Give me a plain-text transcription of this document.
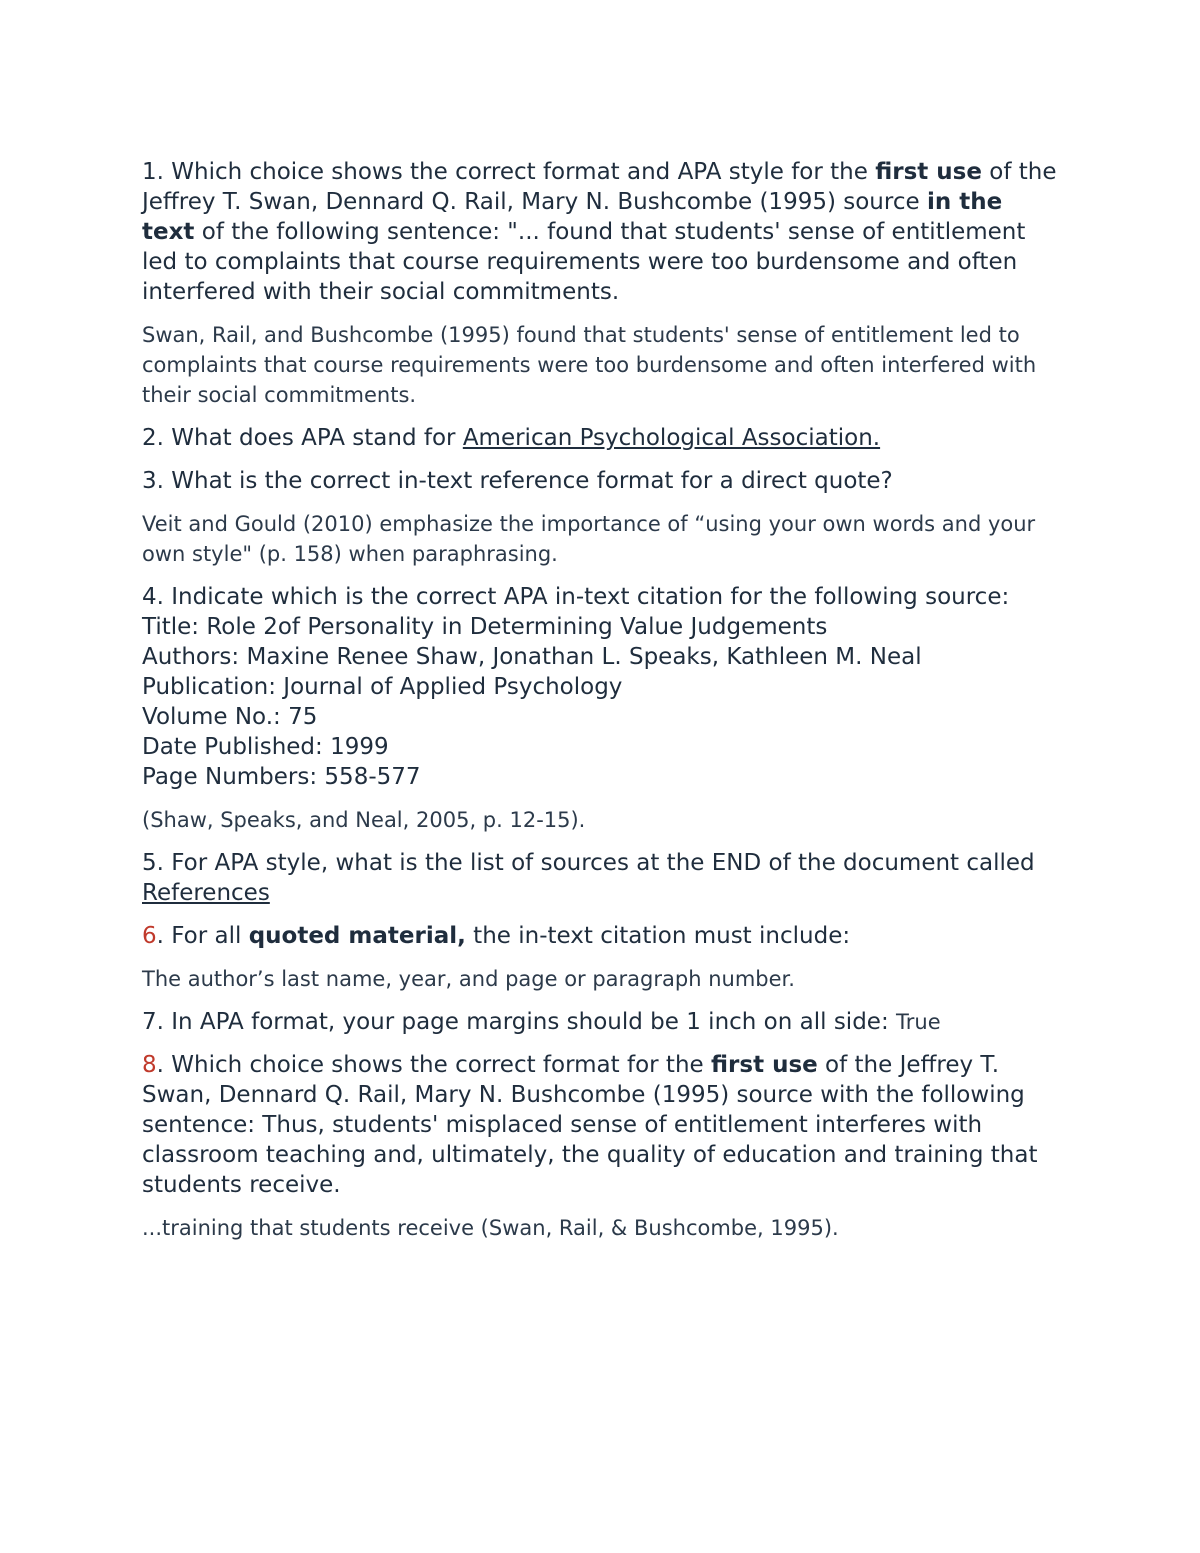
1. Which choice shows the correct format and APA style for the first use of the Jeffrey T. Swan, Dennard Q. Rail, Mary N. Bushcombe (1995) source in the text of the following sentence: "... found that students' sense of entitlement led to complaints that course requirements were too burdensome and often interfered with their social commitments.

Swan, Rail, and Bushcombe (1995) found that students' sense of entitlement led to complaints that course requirements were too burdensome and often interfered with their social commitments.

2. What does APA stand for American Psychological Association.

3. What is the correct in-text reference format for a direct quote?

Veit and Gould (2010) emphasize the importance of “using your own words and your own style" (p. 158) when paraphrasing.

4. Indicate which is the correct APA in-text citation for the following source:
Title: Role 2of Personality in Determining Value Judgements
Authors: Maxine Renee Shaw, Jonathan L. Speaks, Kathleen M. Neal
Publication: Journal of Applied Psychology
Volume No.: 75
Date Published: 1999
Page Numbers: 558-577

(Shaw, Speaks, and Neal, 2005, p. 12-15).

5. For APA style, what is the list of sources at the END of the document called References

6. For all quoted material, the in-text citation must include:

The author’s last name, year, and page or paragraph number.

7. In APA format, your page margins should be 1 inch on all side: True

8. Which choice shows the correct format for the first use of the Jeffrey T. Swan, Dennard Q. Rail, Mary N. Bushcombe (1995) source with the following sentence: Thus, students' misplaced sense of entitlement interferes with classroom teaching and, ultimately, the quality of education and training that students receive.

...training that students receive (Swan, Rail, & Bushcombe, 1995).
